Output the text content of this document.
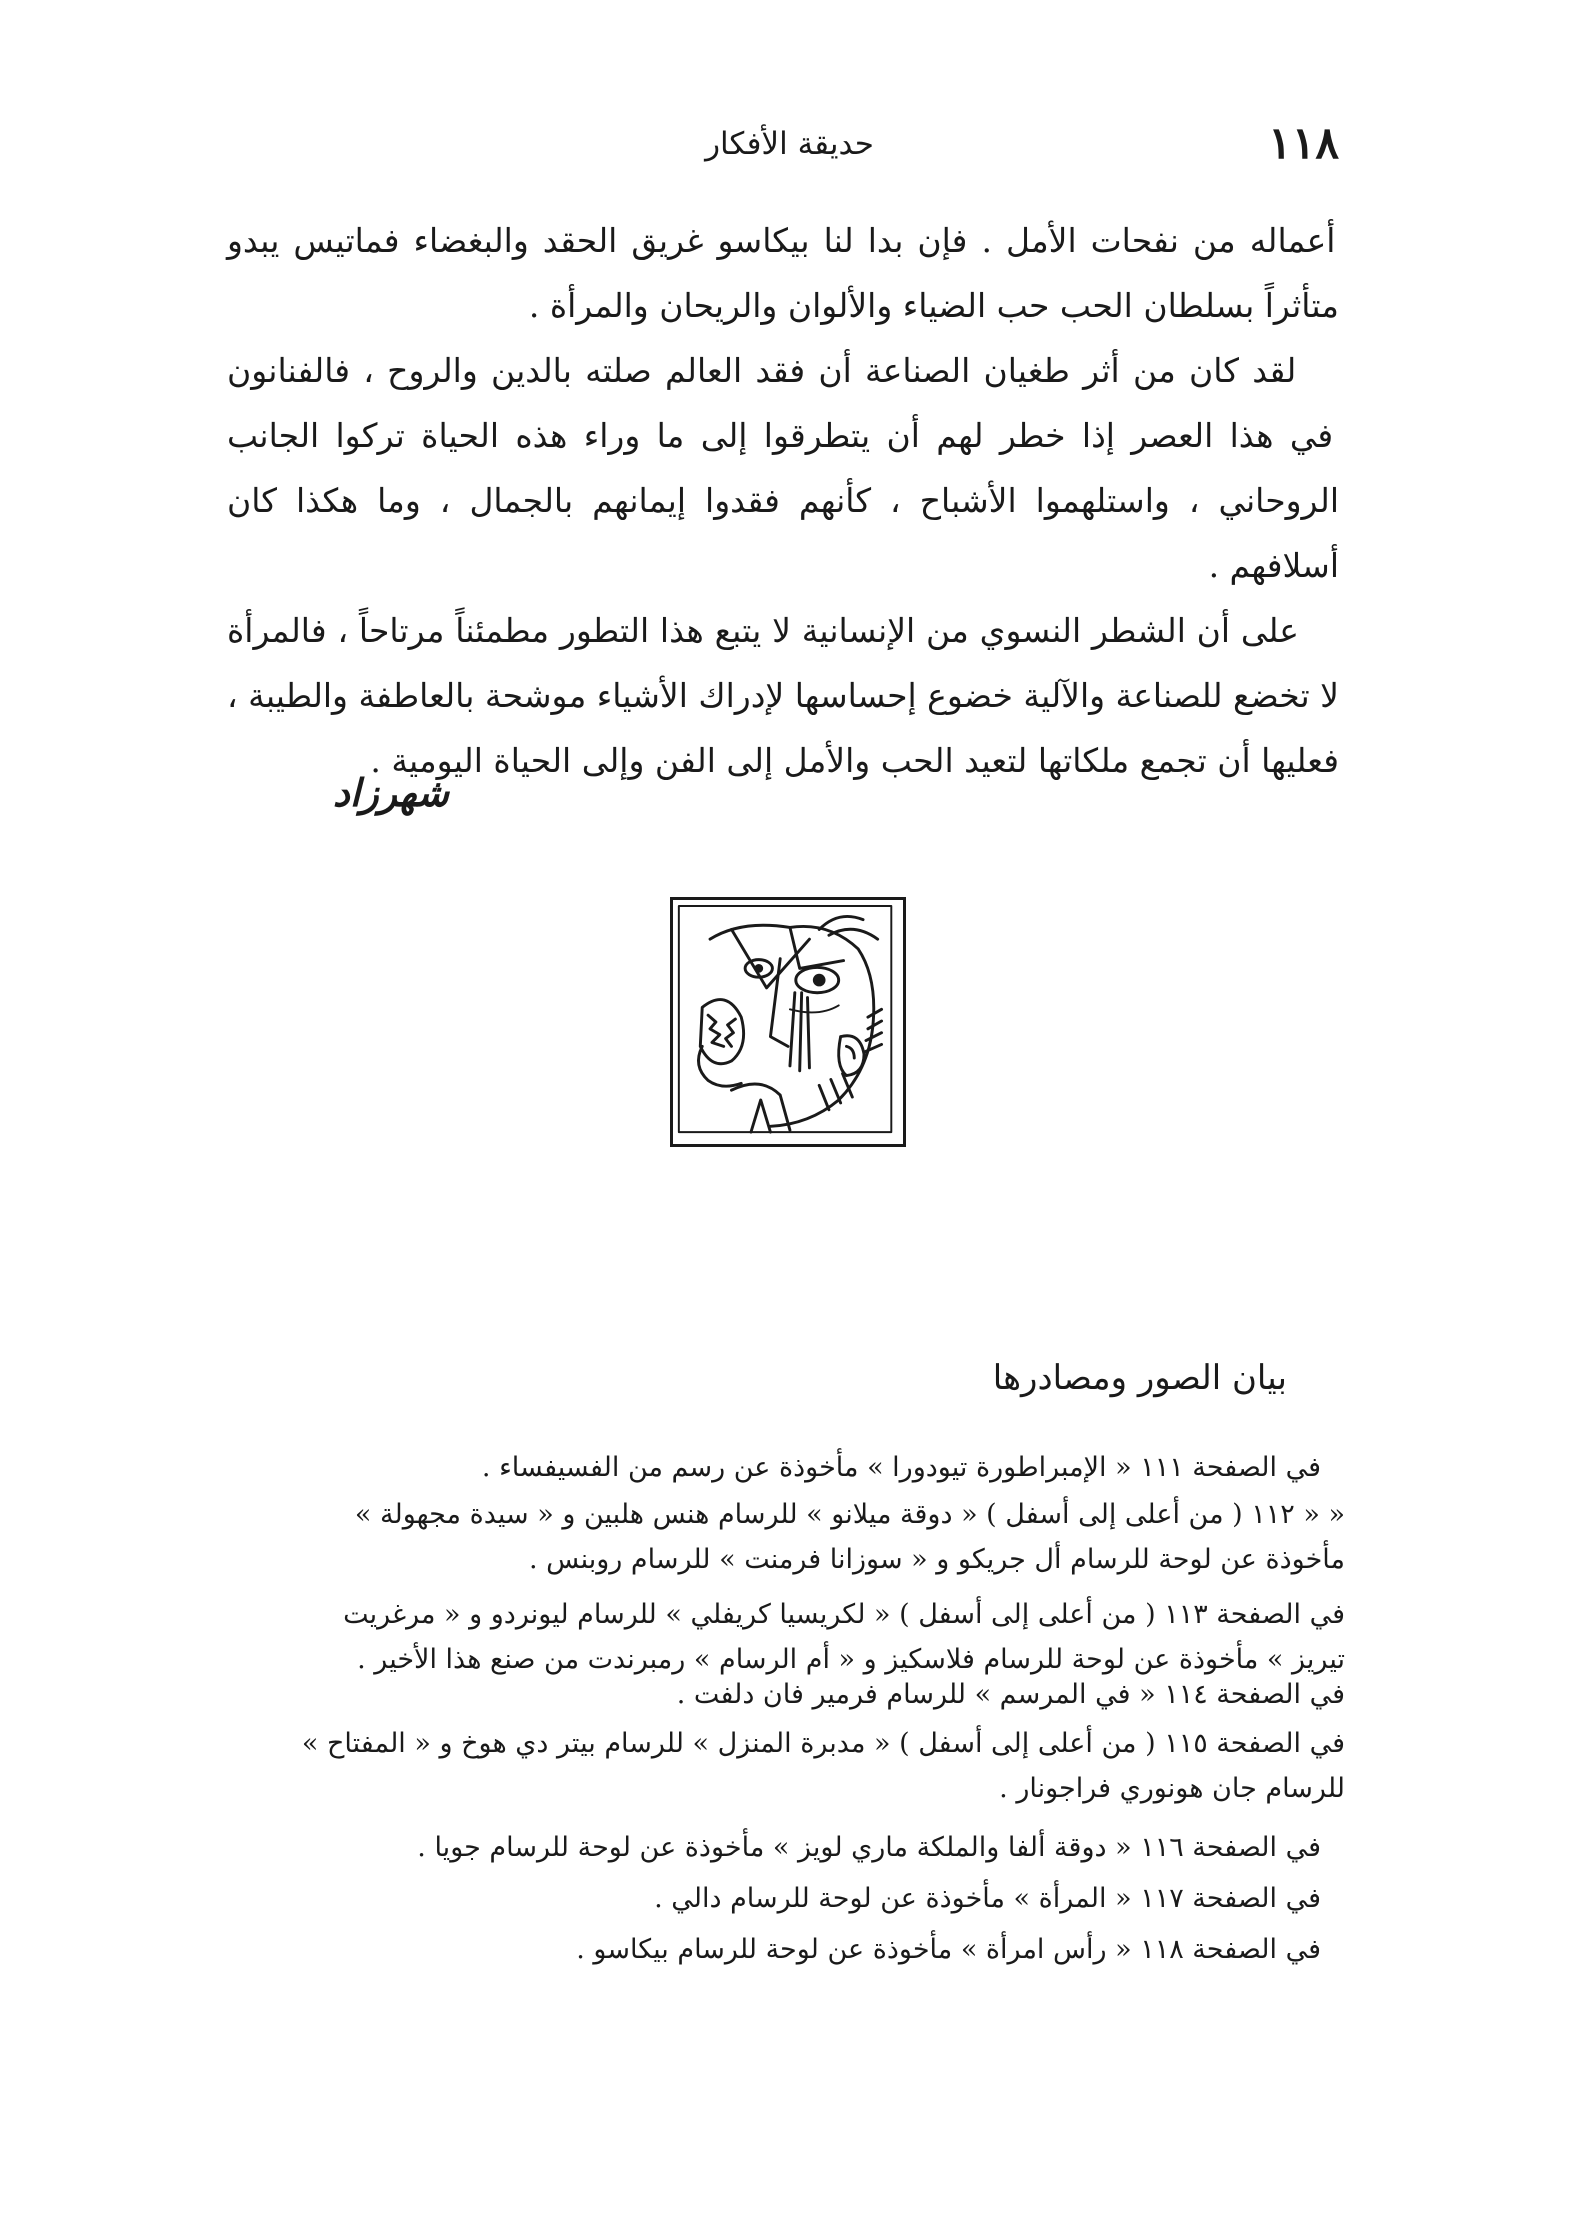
١١٨
حديقة الأفكار

أعماله من نفحات الأمل . فإن بدا لنا بيكاسو غريق الحقد والبغضاء فماتيس يبدو متأثراً بسلطان الحب حب الضياء والألوان والريحان والمرأة .

لقد كان من أثر طغيان الصناعة أن فقد العالم صلته بالدين والروح ، فالفنانون في هذا العصر إذا خطر لهم أن يتطرقوا إلى ما وراء هذه الحياة تركوا الجانب الروحاني ، واستلهموا الأشباح ، كأنهم فقدوا إيمانهم بالجمال ، وما هكذا كان أسلافهم .

على أن الشطر النسوي من الإنسانية لا يتبع هذا التطور مطمئناً مرتاحاً ، فالمرأة لا تخضع للصناعة والآلية خضوع إحساسها لإدراك الأشياء موشحة بالعاطفة والطيبة ، فعليها أن تجمع ملكاتها لتعيد الحب والأمل إلى الفن وإلى الحياة اليومية .

شهرزاد
بيان الصور ومصادرها
في الصفحة ١١١ « الإمبراطورة تيودورا » مأخوذة عن رسم من الفسيفساء .
« « ١١٢ ( من أعلى إلى أسفل ) « دوقة ميلانو » للرسام هنس هلبين و « سيدة مجهولة »
مأخوذة عن لوحة للرسام أل جريكو و « سوزانا فرمنت » للرسام روبنس .
في الصفحة ١١٣ ( من أعلى إلى أسفل ) « لكريسيا كريفلي » للرسام ليونردو و « مرغريت
تيريز » مأخوذة عن لوحة للرسام فلاسكيز و « أم الرسام » رمبرندت من صنع هذا الأخير .
في الصفحة ١١٤ « في المرسم » للرسام فرمير فان دلفت .
في الصفحة ١١٥ ( من أعلى إلى أسفل ) « مدبرة المنزل » للرسام بيتر دي هوخ و « المفتاح »
للرسام جان هونوري فراجونار .
في الصفحة ١١٦ « دوقة ألفا والملكة ماري لويز » مأخوذة عن لوحة للرسام جويا .
في الصفحة ١١٧ « المرأة » مأخوذة عن لوحة للرسام دالي .
في الصفحة ١١٨ « رأس امرأة » مأخوذة عن لوحة للرسام بيكاسو .
